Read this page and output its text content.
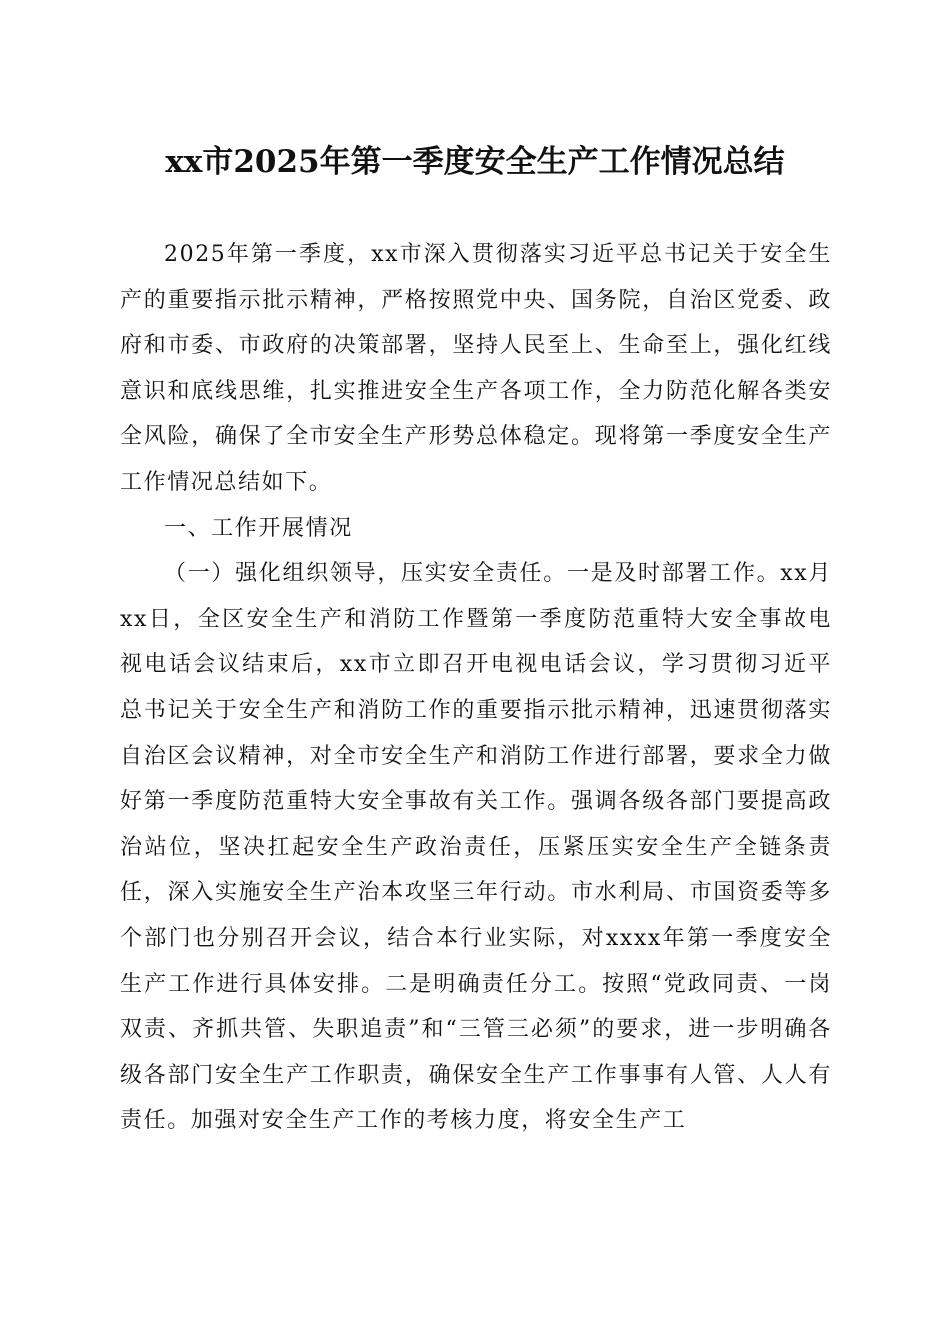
xx市2025年第一季度安全生产工作情况总结

2025年第一季度，xx市深入贯彻落实习近平总书记关于安全生产的重要指示批示精神，严格按照党中央、国务院，自治区党委、政府和市委、市政府的决策部署，坚持人民至上、生命至上，强化红线意识和底线思维，扎实推进安全生产各项工作，全力防范化解各类安全风险，确保了全市安全生产形势总体稳定。现将第一季度安全生产工作情况总结如下。

一、工作开展情况

（一）强化组织领导，压实安全责任。一是及时部署工作。xx月xx日，全区安全生产和消防工作暨第一季度防范重特大安全事故电视电话会议结束后，xx市立即召开电视电话会议，学习贯彻习近平总书记关于安全生产和消防工作的重要指示批示精神，迅速贯彻落实自治区会议精神，对全市安全生产和消防工作进行部署，要求全力做好第一季度防范重特大安全事故有关工作。强调各级各部门要提高政治站位，坚决扛起安全生产政治责任，压紧压实安全生产全链条责任，深入实施安全生产治本攻坚三年行动。市水利局、市国资委等多个部门也分别召开会议，结合本行业实际，对xxxx年第一季度安全生产工作进行具体安排。二是明确责任分工。按照“党政同责、一岗双责、齐抓共管、失职追责”和“三管三必须”的要求，进一步明确各级各部门安全生产工作职责，确保安全生产工作事事有人管、人人有责任。加强对安全生产工作的考核力度，将安全生产工
